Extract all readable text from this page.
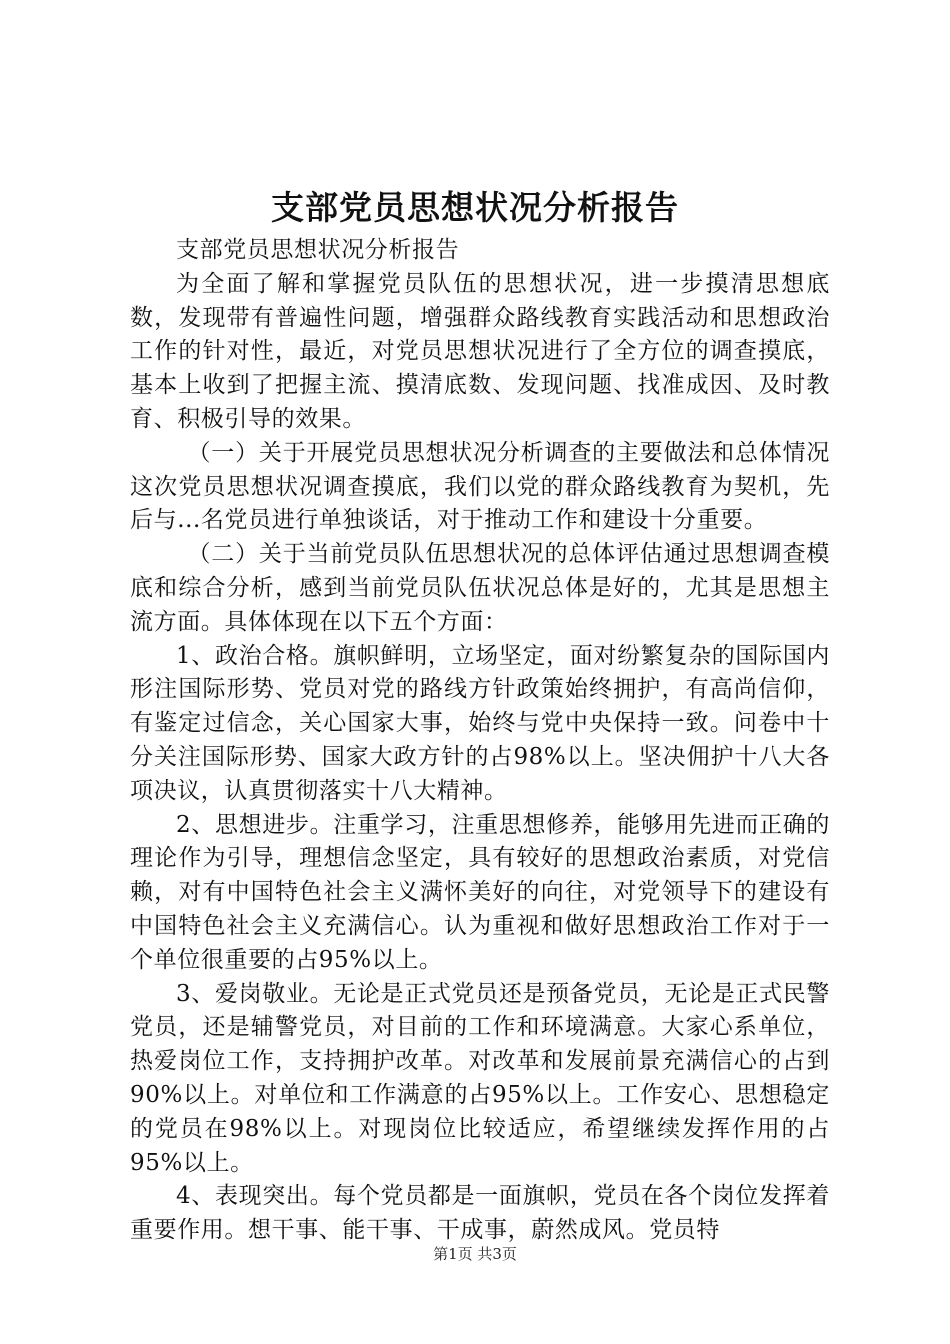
支部党员思想状况分析报告

支部党员思想状况分析报告

为全面了解和掌握党员队伍的思想状况，进一步摸清思想底数，发现带有普遍性问题，增强群众路线教育实践活动和思想政治工作的针对性，最近，对党员思想状况进行了全方位的调查摸底，基本上收到了把握主流、摸清底数、发现问题、找准成因、及时教育、积极引导的效果。

（一）关于开展党员思想状况分析调查的主要做法和总体情况这次党员思想状况调查摸底，我们以党的群众路线教育为契机，先后与...名党员进行单独谈话，对于推动工作和建设十分重要。

（二）关于当前党员队伍思想状况的总体评估通过思想调查模底和综合分析，感到当前党员队伍状况总体是好的，尤其是思想主流方面。具体体现在以下五个方面：

1、政治合格。旗帜鲜明，立场坚定，面对纷繁复杂的国际国内形注国际形势、党员对党的路线方针政策始终拥护，有高尚信仰，有鉴定过信念，关心国家大事，始终与党中央保持一致。问卷中十分关注国际形势、国家大政方针的占98%以上。坚决佣护十八大各项决议，认真贯彻落实十八大精神。

2、思想进步。注重学习，注重思想修养，能够用先进而正确的理论作为引导，理想信念坚定，具有较好的思想政治素质，对党信赖，对有中国特色社会主义满怀美好的向往，对党领导下的建设有中国特色社会主义充满信心。认为重视和做好思想政治工作对于一个单位很重要的占95%以上。

3、爱岗敬业。无论是正式党员还是预备党员，无论是正式民警党员，还是辅警党员，对目前的工作和环境满意。大家心系单位，热爱岗位工作，支持拥护改革。对改革和发展前景充满信心的占到90%以上。对单位和工作满意的占95%以上。工作安心、思想稳定的党员在98%以上。对现岗位比较适应，希望继续发挥作用的占95%以上。

4、表现突出。每个党员都是一面旗帜，党员在各个岗位发挥着重要作用。想干事、能干事、干成事，蔚然成风。党员特

第1页 共3页
